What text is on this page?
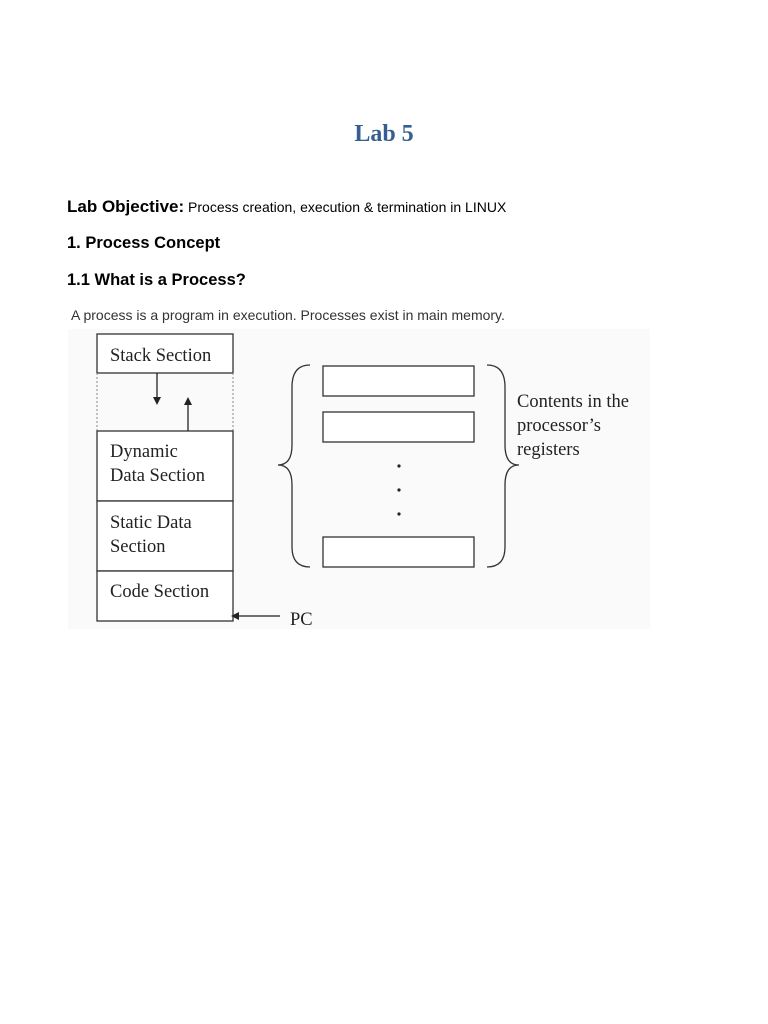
Lab 5
Lab Objective: Process creation, execution & termination in LINUX
1. Process Concept
1.1 What is a Process?
A process is a program in execution. Processes exist in main memory.
Stack Section
Dynamic
Data Section
Static Data
Section
Code Section
PC
Contents in the
processor’s
registers
